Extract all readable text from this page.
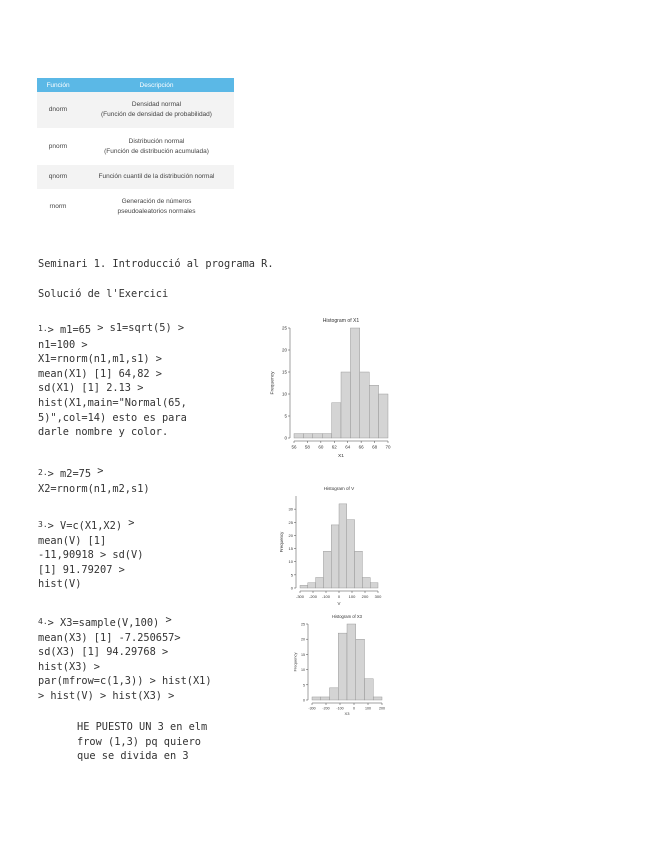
Función	Descripción
dnorm	Densidad normal
(Función de densidad de probabilidad)

pnorm	Distribución normal
(Función de distribución acumulada)

qnorm	Función cuantil de la distribución normal

rnorm	Generación de números
pseudoaleatorios normales
Seminari 1. Introducció al programa R.
Solució de l'Exercici
1.> m1=65 > s1=sqrt(5) >
n1=100 >
X1=rnorm(n1,m1,s1) >
mean(X1) [1] 64,82 >
sd(X1) [1] 2.13 >
hist(X1,main="Normal(65,
5)",col=14) esto es para
darle nombre y color.
2.> m2=75 >
X2=rnorm(n1,m2,s1)
3.> V=c(X1,X2) >
mean(V) [1]
-11,90918 > sd(V)
[1] 91.79207 >
hist(V)
4.> X3=sample(V,100) >
mean(X3) [1] -7.250657>
sd(X3) [1] 94.29768 >
hist(X3) >
par(mfrow=c(1,3)) > hist(X1)
> hist(V) > hist(X3) >
HE PUESTO UN 3 en elm
frow (1,3) pq quiero
que se divida en 3
Histogram of X1
0
5
10
15
20
25
56 58 60 62 64 66 68 70
X1
Frequency
Histogram of V
0
5
10
15
20
25
30
-300 -200 -100 0 100 200 300
V
Frequency
Histogram of X3
0
5
10
15
20
25
-300 -200 -100	0	100 200
X3
Frequency
